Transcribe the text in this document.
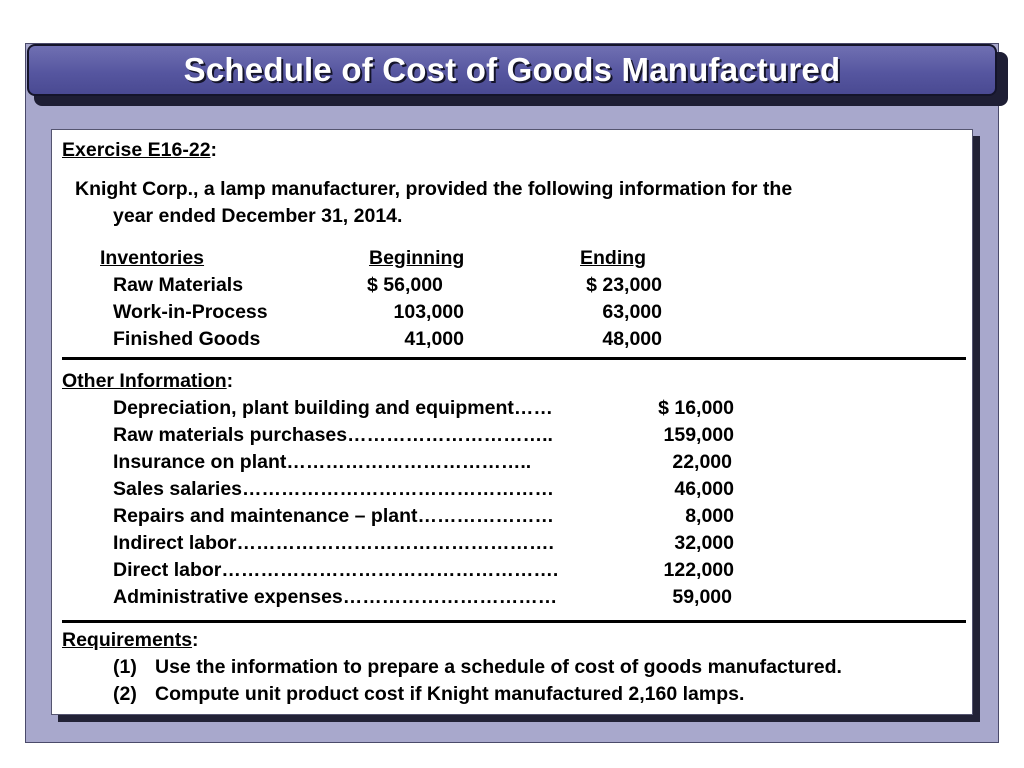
Schedule of Cost of Goods Manufactured

Exercise E16-22:

Knight Corp., a lamp manufacturer, provided the following information for the

year ended December 31, 2014.

Inventories	Beginning	Ending

Raw Materials	$ 56,000	$ 23,000

Work-in-Process	103,000	63,000

Finished Goods	41,000	48,000

Other Information:

Depreciation, plant building and equipment……	$ 16,000

Raw materials purchases…………………………..	159,000

Insurance on plant………………………………..	22,000

Sales salaries…………………………………………	46,000

Repairs and maintenance – plant…………………	8,000

Indirect labor………………………………………….	32,000

Direct labor…………………………………………….	122,000

Administrative expenses……………………………	59,000

Requirements:

(1) Use the information to prepare a schedule of cost of goods manufactured.

(2) Compute unit product cost if Knight manufactured 2,160 lamps.
